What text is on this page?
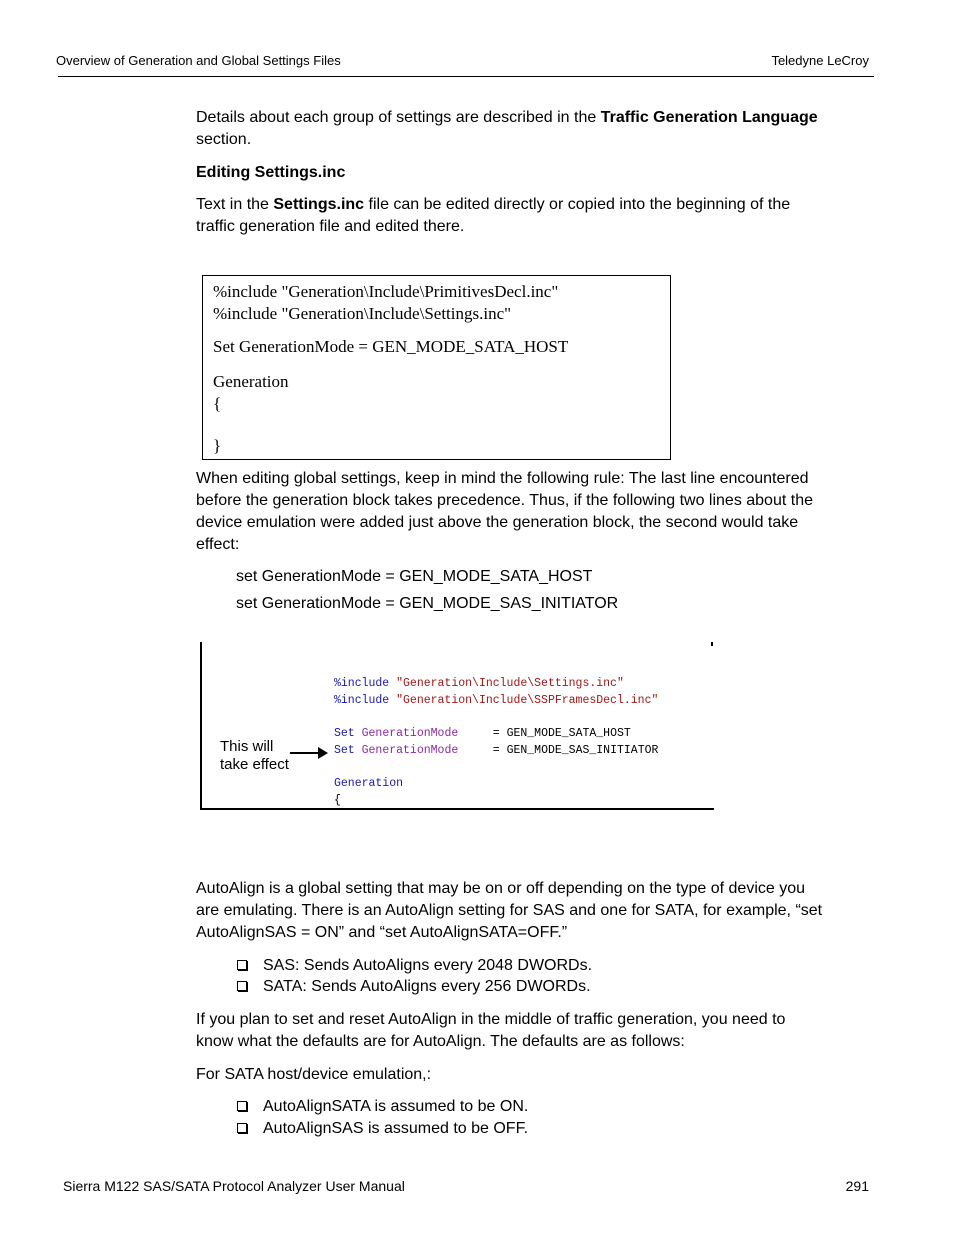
Overview of Generation and Global Settings Files	Teledyne LeCroy
Details about each group of settings are described in the Traffic Generation Language
section.
Editing Settings.inc
Text in the Settings.inc file can be edited directly or copied into the beginning of the
traffic generation file and edited there.
%include "Generation\Include\PrimitivesDecl.inc"
%include "Generation\Include\Settings.inc"
Set GenerationMode = GEN_MODE_SATA_HOST
Generation
{
}
When editing global settings, keep in mind the following rule: The last line encountered
before the generation block takes precedence. Thus, if the following two lines about the
device emulation were added just above the generation block, the second would take
effect:
set GenerationMode = GEN_MODE_SATA_HOST
set GenerationMode = GEN_MODE_SAS_INITIATOR
%include "Generation\Include\Settings.inc"
%include "Generation\Include\SSPFramesDecl.inc"
Set GenerationMode	= GEN_MODE_SATA_HOST
Set GenerationMode	= GEN_MODE_SAS_INITIATOR
Generation
{
This will
take effect
AutoAlign is a global setting that may be on or off depending on the type of device you
are emulating. There is an AutoAlign setting for SAS and one for SATA, for example, “set
AutoAlignSAS = ON” and “set AutoAlignSATA=OFF.”
SAS: Sends AutoAligns every 2048 DWORDs.
SATA: Sends AutoAligns every 256 DWORDs.
If you plan to set and reset AutoAlign in the middle of traffic generation, you need to
know what the defaults are for AutoAlign. The defaults are as follows:
For SATA host/device emulation,:
AutoAlignSATA is assumed to be ON.
AutoAlignSAS is assumed to be OFF.
Sierra M122 SAS/SATA Protocol Analyzer User Manual	291
